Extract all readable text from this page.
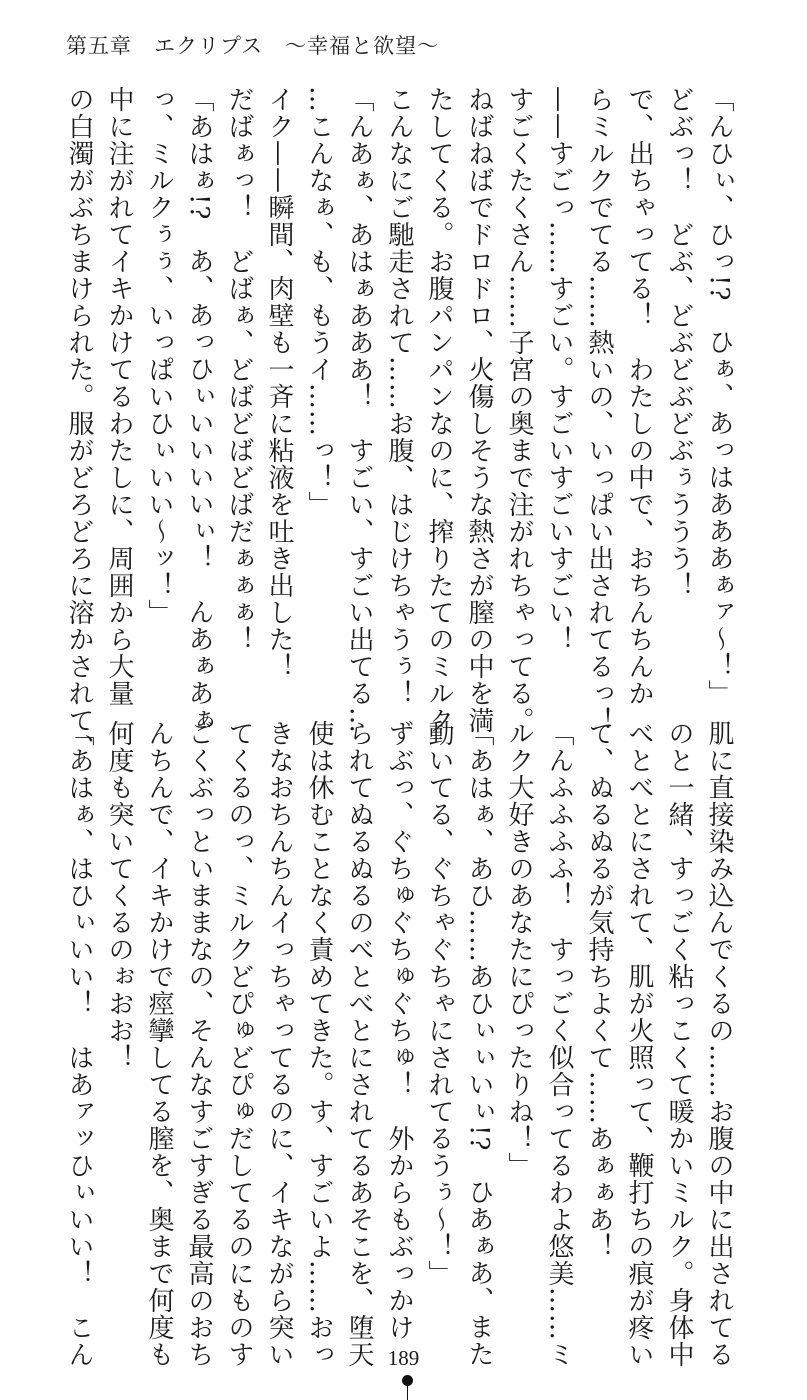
第五章　エクリプス　～幸福と欲望～
「んひぃ、ひっ!?　ひぁ、あっはあああぁァ～！」
どぶっ！　どぶ、どぶどぶどぶぅううう！
で、出ちゃってる！　わたしの中で、おちんちんか
らミルクでてる……熱いの、いっぱい出されてるっ！
——すごっ……すごい。すごいすごいすごい！
すごくたくさん……子宮の奥まで注がれちゃってる。
ねばねばでドロドロ、火傷しそうな熱さが膣の中を満
たしてくる。お腹パンパンなのに、搾りたてのミルク
こんなにご馳走されて……お腹、はじけちゃうぅ！
「んあぁ、あはぁあああ！　すごい、すごい出てる…
…こんなぁ、も、もうイ……っ！」
イク——瞬間、肉壁も一斉に粘液を吐き出した！
だばぁっ！　どばぁ、どばどばどばだぁぁぁ！
「あはぁ!?　あ、あっひぃいいいいぃ！　んあぁあぁ
っ、ミルクぅぅ、いっぱいひぃいい～ッ！」
中に注がれてイキかけてるわたしに、周囲から大量
の白濁がぶちまけられた。服がどろどろに溶かされて、
肌に直接染み込んでくるの……お腹の中に出されてる
のと一緒、すっごく粘っこくて暖かいミルク。身体中
べとべとにされて、肌が火照って、鞭打ちの痕が疼い
て、ぬるぬるが気持ちよくて……あぁぁあ！
「んふふふふ！　すっごく似合ってるわよ悠美……ミ
ルク大好きのあなたにぴったりね！」
「あはぁ、あひ……あひぃぃいぃ!?　ひあぁあ、また
動いてる、ぐちゃぐちゃにされてるうぅ～！」
ずぶっ、ぐちゅぐちゅぐちゅ！　外からもぶっかけ
られてぬるぬるのべとべとにされてるあそこを、堕天
使は休むことなく責めてきた。す、すごいよ……おっ
きなおちんちんイっちゃってるのに、イキながら突い
てくるのっ、ミルクどぴゅどぴゅだしてるのにものす
ごくぶっといままなの、そんなすごすぎる最高のおち
んちんで、イキかけで痙攣してる膣を、奥まで何度も
何度も突いてくるのぉおお！
「あはぁ、はひぃいい！　はあァッひぃいい！　こん	189
